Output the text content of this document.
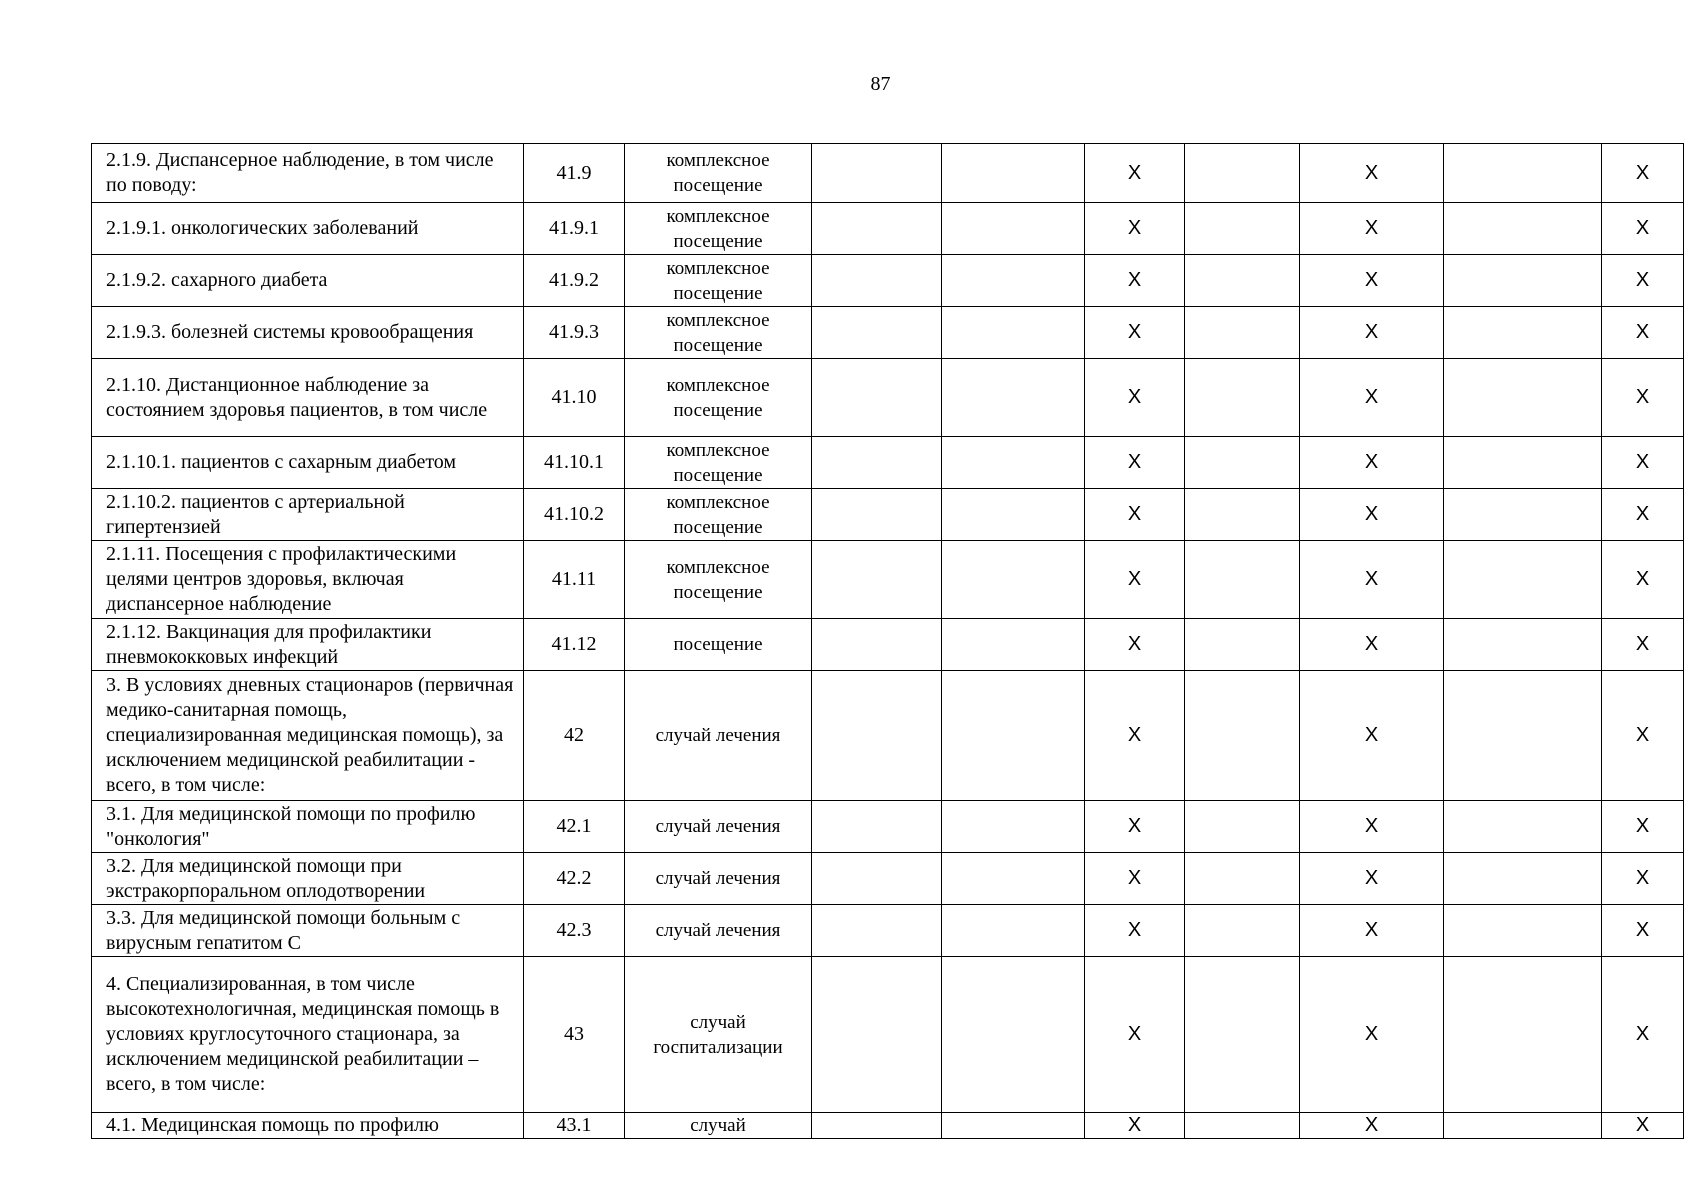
87
2.1.9. Диспансерное наблюдение, в том числе по поводу:	41.9	комплексное посещение			X		X		X
2.1.9.1. онкологических заболеваний	41.9.1	комплексное посещение			X		X		X
2.1.9.2. сахарного диабета	41.9.2	комплексное посещение			X		X		X
2.1.9.3. болезней системы кровообращения	41.9.3	комплексное посещение			X		X		X
2.1.10. Дистанционное наблюдение за состоянием здоровья пациентов, в том числе	41.10	комплексное посещение			X		X		X
2.1.10.1. пациентов с сахарным диабетом	41.10.1	комплексное посещение			X		X		X
2.1.10.2. пациентов с артериальной гипертензией	41.10.2	комплексное посещение			X		X		X
2.1.11. Посещения с профилактическими целями центров здоровья, включая диспансерное наблюдение	41.11	комплексное посещение			X		X		X
2.1.12. Вакцинация для профилактики пневмококковых инфекций	41.12	посещение			X		X		X
3. В условиях дневных стационаров (первичная медико-санитарная помощь, специализированная медицинская помощь), за исключением медицинской реабилитации - всего, в том числе:	42	случай лечения			X		X		X
3.1. Для медицинской помощи по профилю "онкология"	42.1	случай лечения			X		X		X
3.2. Для медицинской помощи при экстракорпоральном оплодотворении	42.2	случай лечения			X		X		X
3.3. Для медицинской помощи больным с вирусным гепатитом С	42.3	случай лечения			X		X		X
4. Специализированная, в том числе высокотехнологичная, медицинская помощь в условиях круглосуточного стационара, за исключением медицинской реабилитации – всего, в том числе:	43	случай госпитализации			X		X		X
4.1. Медицинская помощь по профилю	43.1	случай			X		X		X
